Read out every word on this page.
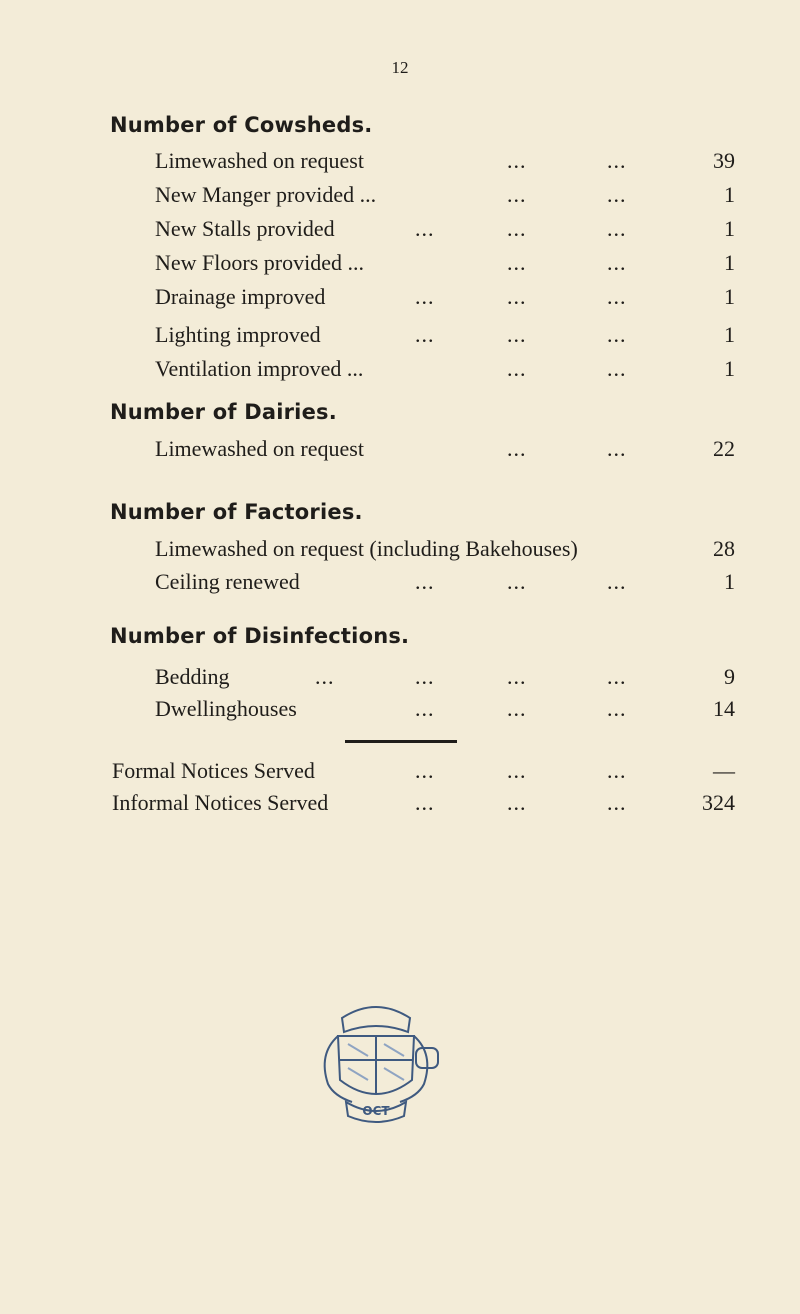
12
Number of Cowsheds.
Limewashed on request	...	...	39
New Manger provided ...	...	...	1
New Stalls provided	...	...	...	1
New Floors provided ...	...	...	1
Drainage improved	...	...	...	1
Lighting improved	...	...	...	1
Ventilation improved ...	...	...	1
Number of Dairies.
Limewashed on request	...	...	22
Number of Factories.
Limewashed on request (including Bakehouses)	28
Ceiling renewed	...	...	...	1
Number of Disinfections.
Bedding	...	...	...	...	9
Dwellinghouses	...	...	...	14
Formal Notices Served	...	...	...	—
Informal Notices Served	...	...	...	324
OCT
